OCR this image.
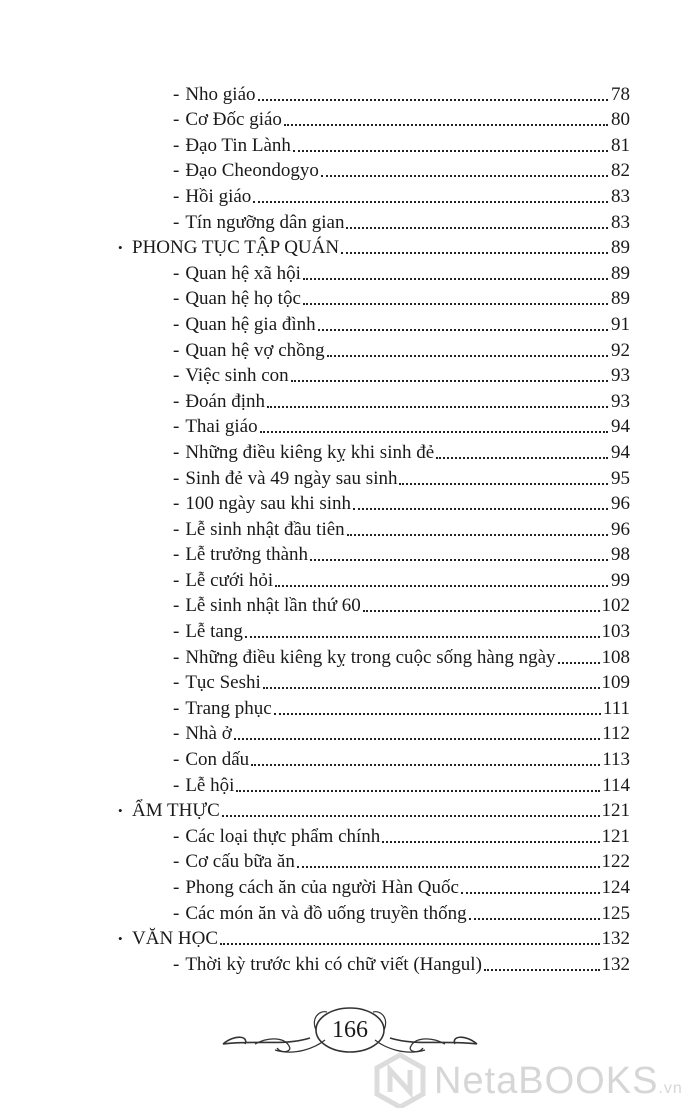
- Nho giáo	78
- Cơ Đốc giáo	80
- Đạo Tin Lành	81
- Đạo Cheondogyo	82
- Hồi giáo	83
- Tín ngưỡng dân gian	83
• PHONG TỤC TẬP QUÁN	89
- Quan hệ xã hội	89
- Quan hệ họ tộc	89
- Quan hệ gia đình	91
- Quan hệ vợ chồng	92
- Việc sinh con	93
- Đoán định	93
- Thai giáo	94
- Những điều kiêng kỵ khi sinh đẻ	94
- Sinh đẻ và 49 ngày sau sinh	95
- 100 ngày sau khi sinh	96
- Lễ sinh nhật đầu tiên	96
- Lễ trưởng thành	98
- Lễ cưới hỏi	99
- Lễ sinh nhật lần thứ 60	102
- Lễ tang	103
- Những điều kiêng kỵ trong cuộc sống hàng ngày 108
- Tục Seshi	109
- Trang phục	111
- Nhà ở	112
- Con dấu	113
- Lễ hội	114
• ẨM THỰC	121
- Các loại thực phẩm chính	121
- Cơ cấu bữa ăn	122
- Phong cách ăn của người Hàn Quốc	124
- Các món ăn và đồ uống truyền thống	125
• VĂN HỌC	132
- Thời kỳ trước khi có chữ viết (Hangul)	132
166
NetaBOOKS.vn
